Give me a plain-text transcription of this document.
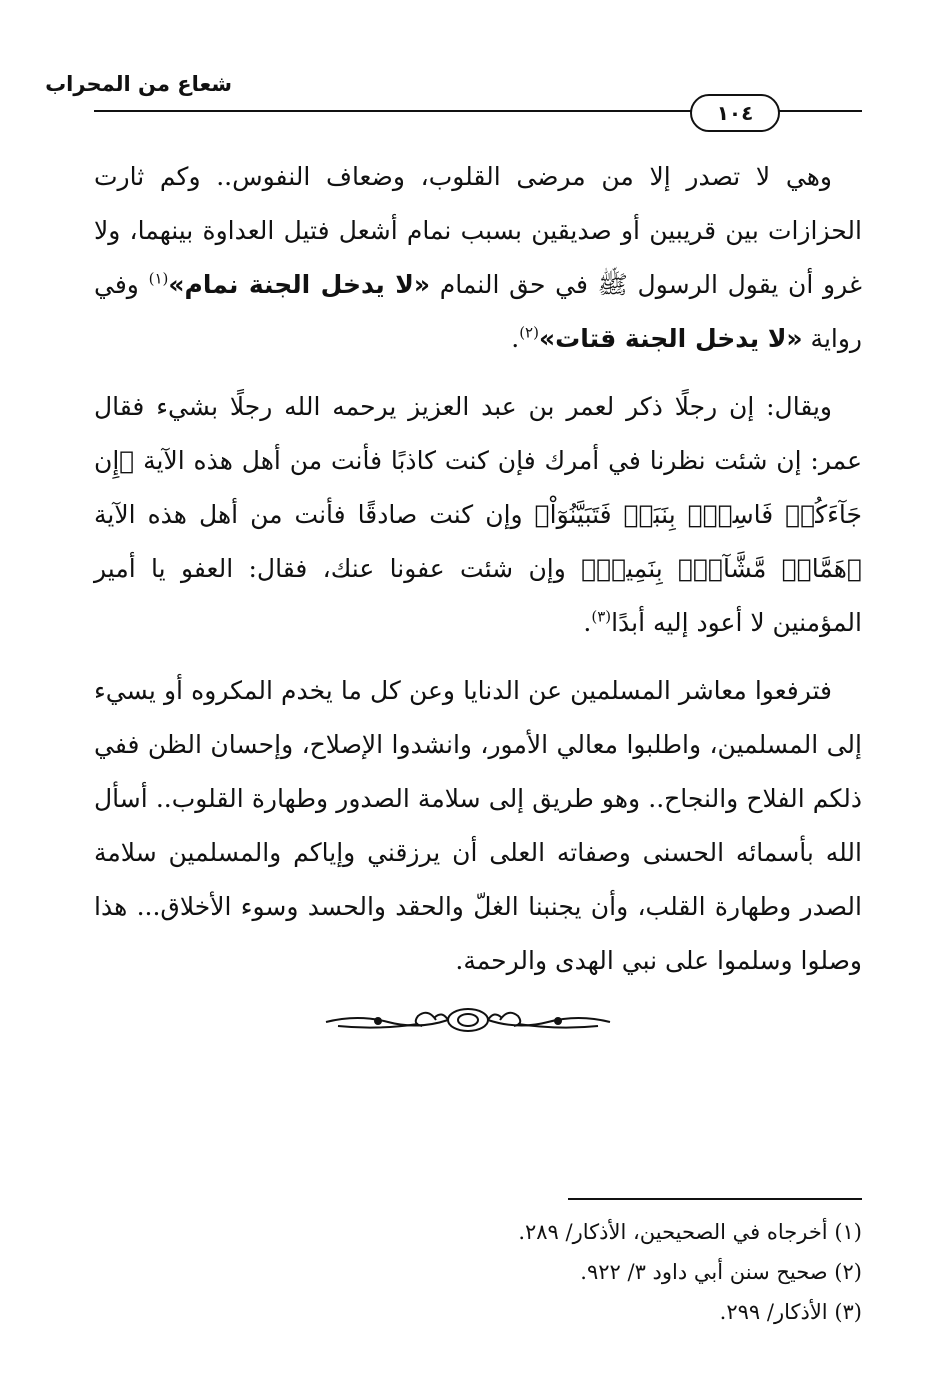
شعاع من المحراب
١٠٤

وهي لا تصدر إلا من مرضى القلوب، وضعاف النفوس.. وكم ثارت الحزازات بين قريبين أو صديقين بسبب نمام أشعل فتيل العداوة بينهما، ولا غرو أن يقول الرسول ﷺ في حق النمام «لا يدخل الجنة نمام»$^{(١)}$ وفي رواية «لا يدخل الجنة قتات»$^{(٢)}$.

ويقال: إن رجلًا ذكر لعمر بن عبد العزيز يرحمه الله رجلًا بشيء فقال عمر: إن شئت نظرنا في أمرك فإن كنت كاذبًا فأنت من أهل هذه الآية ﴿إِن جَآءَكُمۡ فَاسِقُۢ بِنَبَإٖ فَتَبَيَّنُوٓاْ﴾ وإن كنت صادقًا فأنت من أهل هذه الآية ﴿هَمَّازٖ مَّشَّآءِۢ بِنَمِيمٖ﴾ وإن شئت عفونا عنك، فقال: العفو يا أمير المؤمنين لا أعود إليه أبدًا$^{(٣)}$.

فترفعوا معاشر المسلمين عن الدنايا وعن كل ما يخدم المكروه أو يسيء إلى المسلمين، واطلبوا معالي الأمور، وانشدوا الإصلاح، وإحسان الظن ففي ذلكم الفلاح والنجاح.. وهو طريق إلى سلامة الصدور وطهارة القلوب.. أسأل الله بأسمائه الحسنى وصفاته العلى أن يرزقني وإياكم والمسلمين سلامة الصدر وطهارة القلب، وأن يجنبنا الغلّ والحقد والحسد وسوء الأخلاق... هذا وصلوا وسلموا على نبي الهدى والرحمة.

(١) أخرجاه في الصحيحين، الأذكار/ ٢٨٩.

(٢) صحيح سنن أبي داود ٣/ ٩٢٢.

(٣) الأذكار/ ٢٩٩.
